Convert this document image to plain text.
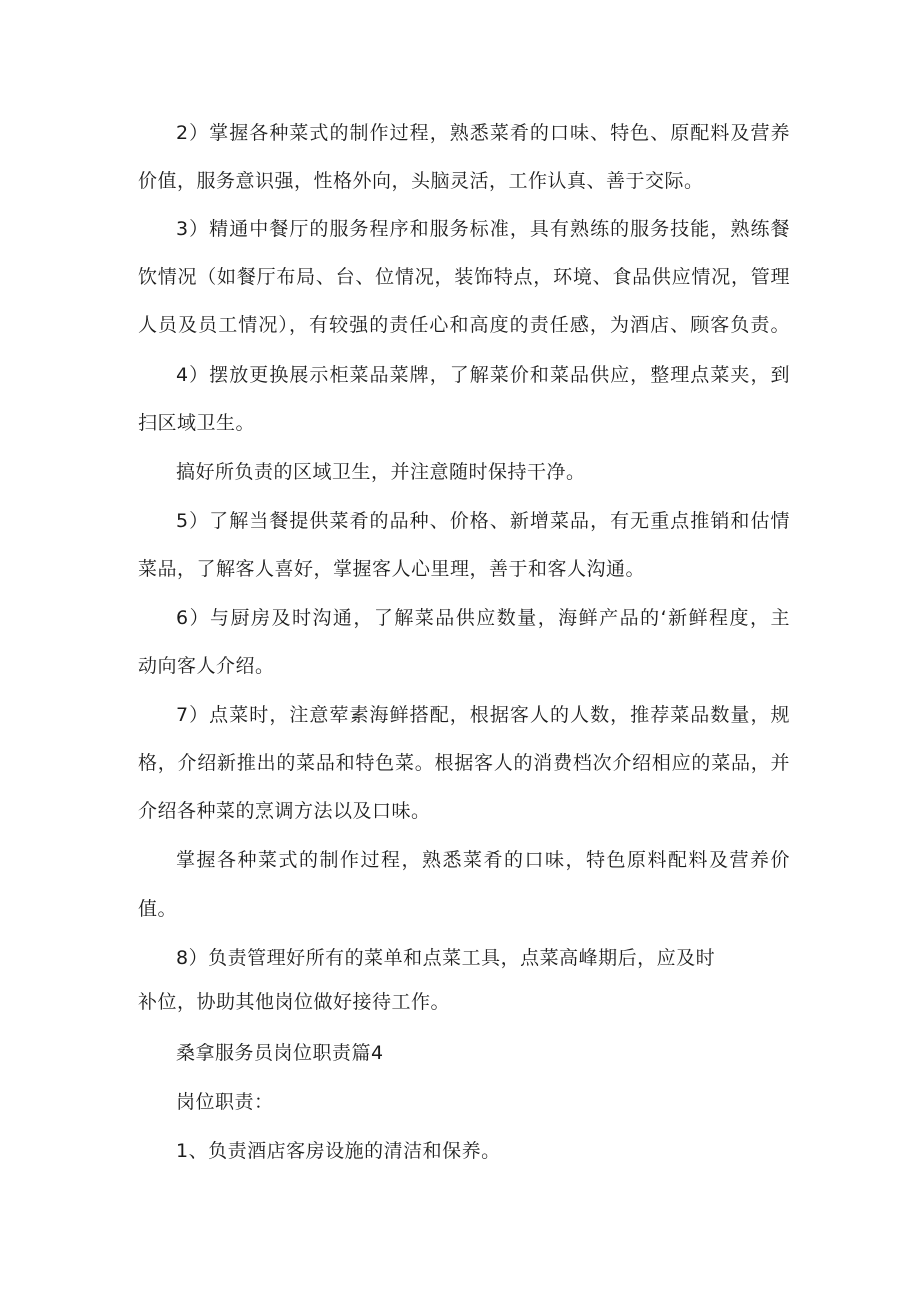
2）掌握各种菜式的制作过程，熟悉菜肴的口味、特色、原配料及营养
价值，服务意识强，性格外向，头脑灵活，工作认真、善于交际。
3）精通中餐厅的服务程序和服务标准，具有熟练的服务技能，熟练餐
饮情况（如餐厅布局、台、位情况，装饰特点，环境、食品供应情况，管理
人员及员工情况），有较强的责任心和高度的责任感，为酒店、顾客负责。
4）摆放更换展示柜菜品菜牌，了解菜价和菜品供应，整理点菜夹，到
扫区域卫生。
搞好所负责的区域卫生，并注意随时保持干净。
5）了解当餐提供菜肴的品种、价格、新增菜品，有无重点推销和估情
菜品，了解客人喜好，掌握客人心里理，善于和客人沟通。
6）与厨房及时沟通，了解菜品供应数量，海鲜产品的‘新鲜程度，主
动向客人介绍。
7）点菜时，注意荤素海鲜搭配，根据客人的人数，推荐菜品数量，规
格，介绍新推出的菜品和特色菜。根据客人的消费档次介绍相应的菜品，并
介绍各种菜的烹调方法以及口味。
掌握各种菜式的制作过程，熟悉菜肴的口味，特色原料配料及营养价
值。
8）负责管理好所有的菜单和点菜工具，点菜高峰期后，应及时
补位，协助其他岗位做好接待工作。
桑拿服务员岗位职责篇4
岗位职责：
1、负责酒店客房设施的清洁和保养。
